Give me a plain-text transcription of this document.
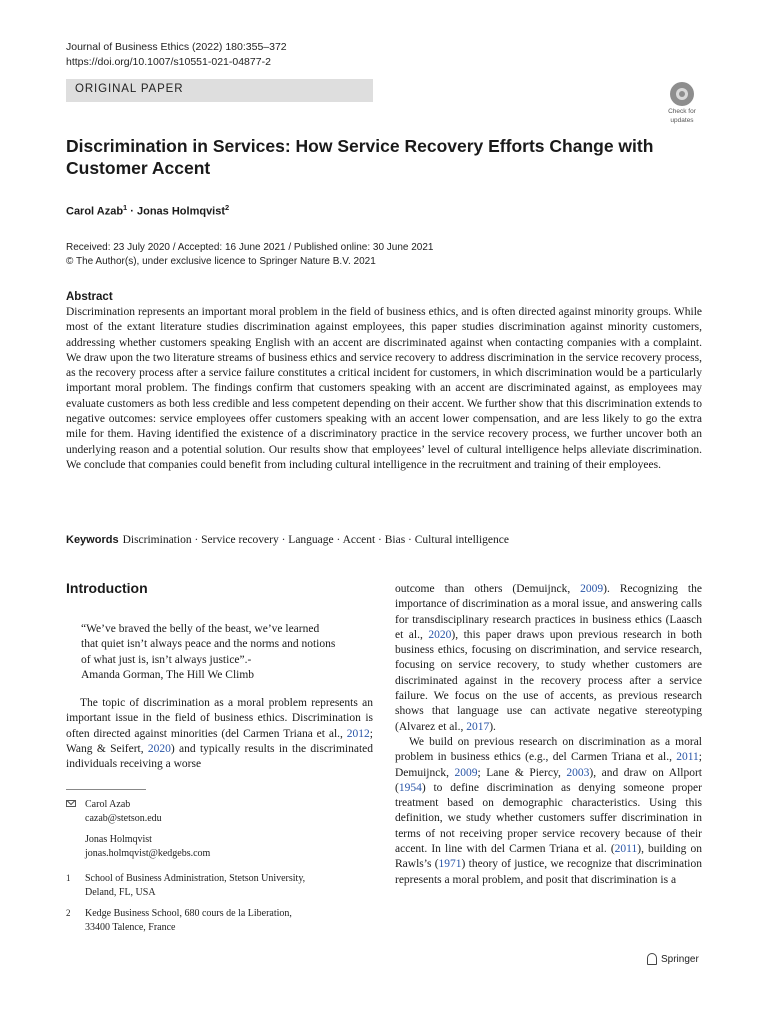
Journal of Business Ethics (2022) 180:355–372
https://doi.org/10.1007/s10551-021-04877-2
ORIGINAL PAPER
Check for
updates
Discrimination in Services: How Service Recovery Efforts Change with Customer Accent
Carol Azab$^1$ · Jonas Holmqvist$^2$
Received: 23 July 2020 / Accepted: 16 June 2021 / Published online: 30 June 2021
© The Author(s), under exclusive licence to Springer Nature B.V. 2021
Abstract

Discrimination represents an important moral problem in the field of business ethics, and is often directed against minority groups. While most of the extant literature studies discrimination against employees, this paper studies discrimination against minority customers, addressing whether customers speaking English with an accent are discriminated against when contacting companies with a complaint. We draw upon the two literature streams of business ethics and service recovery to address discrimination in the service recovery process, as the recovery process after a service failure constitutes a critical incident for customers, in which discrimination would be a particularly important moral problem. The findings confirm that customers speaking with an accent are discriminated against, as employees may evaluate customers as both less credible and less competent depending on their accent. We further show that this discrimination extends to negative outcomes: service employees offer customers speaking with an accent lower compensation, and are less likely to go the extra mile for them. Having identified the existence of a discriminatory practice in the service recovery process, we further uncover both an underlying reason and a potential solution. Our results show that employees’ level of cultural intelligence helps alleviate discrimination. We conclude that companies could benefit from including cultural intelligence in the recruitment and training of their employees.

Keywords Discrimination · Service recovery · Language · Accent · Bias · Cultural intelligence
Introduction
“We’ve braved the belly of the beast, we’ve learned
that quiet isn’t always peace and the norms and notions
of what just is, isn’t always justice”.-
Amanda Gorman, The Hill We Climb

The topic of discrimination as a moral problem represents an important issue in the field of business ethics. Discrimination is often directed against minorities (del Carmen Triana et al., 2012; Wang & Seifert, 2020) and typically results in the discriminated individuals receiving a worse

Carol Azab
cazab@stetson.edu
Jonas Holmqvist
jonas.holmqvist@kedgebs.com
1	School of Business Administration, Stetson University,
Deland, FL, USA
2	Kedge Business School, 680 cours de la Liberation,
33400 Talence, France

outcome than others (Demuijnck, 2009). Recognizing the importance of discrimination as a moral issue, and answering calls for transdisciplinary research practices in business ethics (Laasch et al., 2020), this paper draws upon previous research in both business ethics, focusing on discrimination, and service research, focusing on service recovery, to study whether customers are discriminated against in the recovery process after a service failure. We focus on the use of accents, as previous research shows that language use can activate negative stereotyping (Alvarez et al., 2017).

We build on previous research on discrimination as a moral problem in business ethics (e.g., del Carmen Triana et al., 2011; Demuijnck, 2009; Lane & Piercy, 2003), and draw on Allport (1954) to define discrimination as denying someone proper treatment based on demographic characteristics. Using this definition, we study whether customers suffer discrimination in terms of not receiving proper service recovery because of their accent. In line with del Carmen Triana et al. (2011), building on Rawls’s (1971) theory of justice, we recognize that discrimination represents a moral problem, and posit that discrimination is a

Springer
